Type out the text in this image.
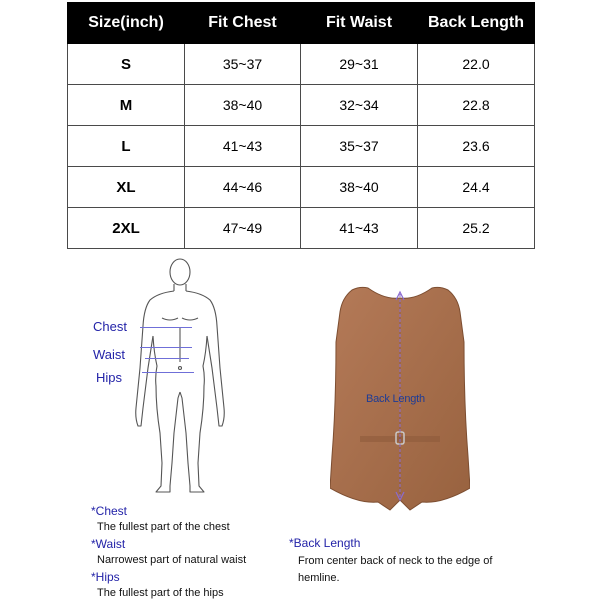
Size(inch)	Fit Chest	Fit Waist	Back Length
S	35~37	29~31	22.0
M	38~40	32~34	22.8
L	41~43	35~37	23.6
XL	44~46	38~40	24.4
2XL	47~49	41~43	25.2
Chest
Waist
Hips
Back Length
*Chest
The fullest part of the chest
*Waist
Narrowest part of natural waist
*Hips
The fullest part of the hips
*Back Length
From center back of neck to the edge of hemline.
